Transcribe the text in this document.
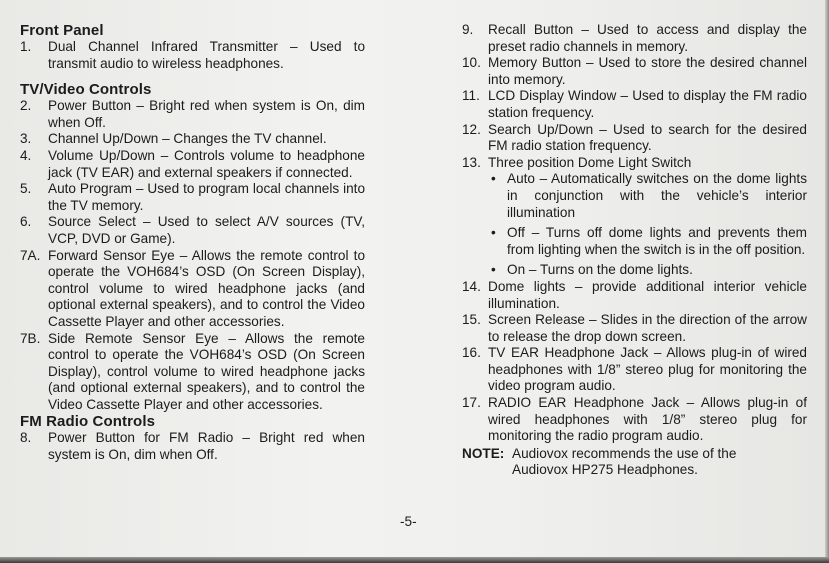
Front Panel
1.	Dual Channel Infrared Transmitter – Used to transmit audio to wireless headphones.
TV/Video Controls
2.	Power Button – Bright red when system is On, dim when Off.
3.	Channel Up/Down – Changes the TV channel.
4.	Volume Up/Down – Controls volume to headphone jack (TV EAR) and external speakers if connected.
5.	Auto Program – Used to program local channels into the TV memory.
6.	Source Select – Used to select A/V sources (TV, VCP, DVD or Game).
7A. Forward Sensor Eye – Allows the remote control to operate the VOH684’s OSD (On Screen Display), control volume to wired headphone jacks (and optional external speakers), and to control the Video Cassette Player and other accessories.
7B. Side Remote Sensor Eye – Allows the remote control to operate the VOH684’s OSD (On Screen Display), control volume to wired headphone jacks (and optional external speakers), and to control the Video Cassette Player and other accessories.
FM Radio Controls
8.	Power Button for FM Radio – Bright red when system is On, dim when Off.
9.	Recall Button – Used to access and display the preset radio channels in memory.
10. Memory Button – Used to store the desired channel into memory.
11. LCD Display Window – Used to display the FM radio station frequency.
12. Search Up/Down – Used to search for the desired FM radio station frequency.
13. Three position Dome Light Switch
• Auto – Automatically switches on the dome lights in conjunction with the vehicle’s interior illumination
• Off – Turns off dome lights and prevents them from lighting when the switch is in the off position.
• On – Turns on the dome lights.
14. Dome lights – provide additional interior vehicle illumination.
15. Screen Release – Slides in the direction of the arrow to release the drop down screen.
16. TV EAR Headphone Jack – Allows plug-in of wired headphones with 1/8” stereo plug for monitoring the video program audio.
17. RADIO EAR Headphone Jack – Allows plug-in of wired headphones with 1/8” stereo plug for monitoring the radio program audio.
NOTE: Audiovox recommends the use of the
Audiovox HP275 Headphones.
-5-
